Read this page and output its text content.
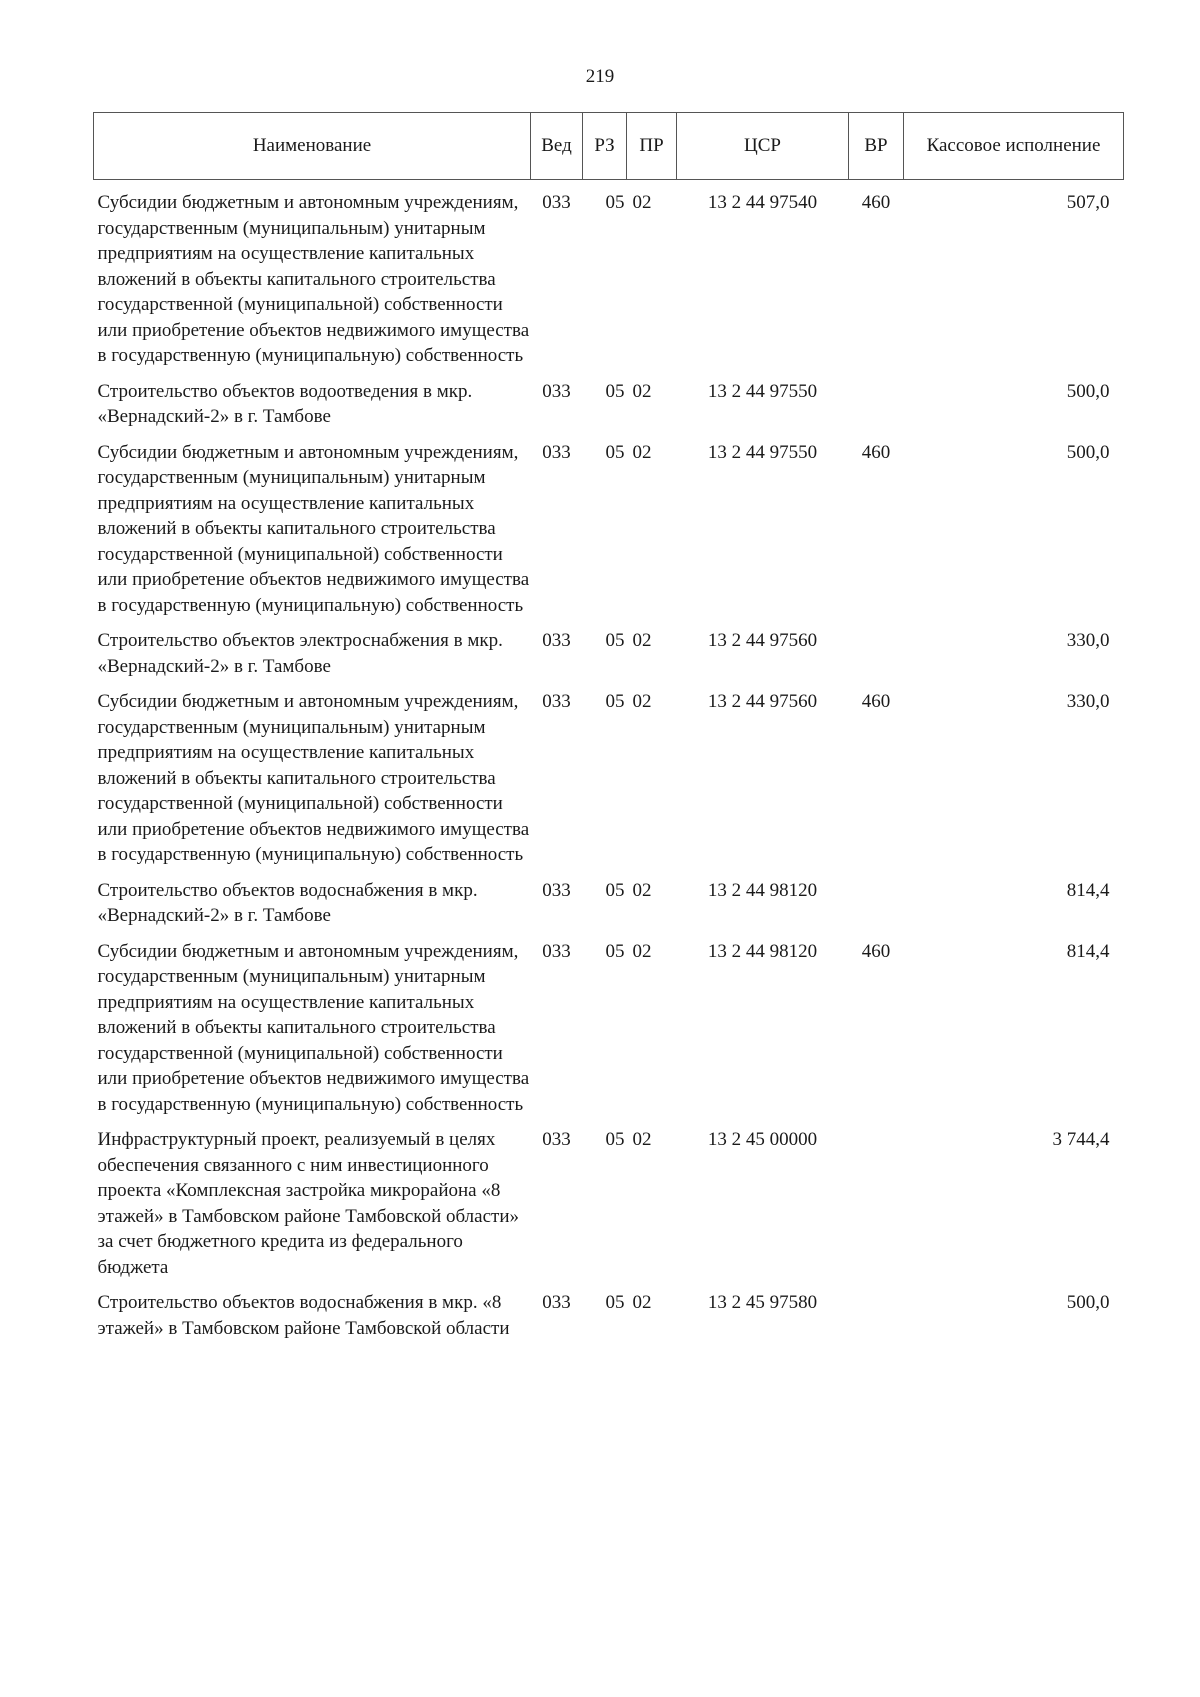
219
Наименование	Вед	РЗ	ПР	ЦСР	ВР	Кассовое исполнение
Субсидии бюджетным и автономным учреждениям, государственным (муниципальным) унитарным предприятиям на осуществление капитальных вложений в объекты капитального строительства государственной (муниципальной) собственности или приобретение объектов недвижимого имущества в государственную (муниципальную) собственность	033	05	02	13 2 44 97540	460	507,0
Строительство объектов водоотведения в мкр. «Вернадский-2» в г. Тамбове	033	05	02	13 2 44 97550		500,0
Субсидии бюджетным и автономным учреждениям, государственным (муниципальным) унитарным предприятиям на осуществление капитальных вложений в объекты капитального строительства государственной (муниципальной) собственности или приобретение объектов недвижимого имущества в государственную (муниципальную) собственность	033	05	02	13 2 44 97550	460	500,0
Строительство объектов электроснабжения в мкр. «Вернадский-2» в г. Тамбове	033	05	02	13 2 44 97560		330,0
Субсидии бюджетным и автономным учреждениям, государственным (муниципальным) унитарным предприятиям на осуществление капитальных вложений в объекты капитального строительства государственной (муниципальной) собственности или приобретение объектов недвижимого имущества в государственную (муниципальную) собственность	033	05	02	13 2 44 97560	460	330,0
Строительство объектов водоснабжения в мкр. «Вернадский-2» в г. Тамбове	033	05	02	13 2 44 98120		814,4
Субсидии бюджетным и автономным учреждениям, государственным (муниципальным) унитарным предприятиям на осуществление капитальных вложений в объекты капитального строительства государственной (муниципальной) собственности или приобретение объектов недвижимого имущества в государственную (муниципальную) собственность	033	05	02	13 2 44 98120	460	814,4
Инфраструктурный проект, реализуемый в целях обеспечения связанного с ним инвестиционного проекта «Комплексная застройка микрорайона «8 этажей» в Тамбовском районе Тамбовской области» за счет бюджетного кредита из федерального бюджета	033	05	02	13 2 45 00000		3 744,4
Строительство объектов водоснабжения в мкр. «8 этажей» в Тамбовском районе Тамбовской области	033	05	02	13 2 45 97580		500,0
